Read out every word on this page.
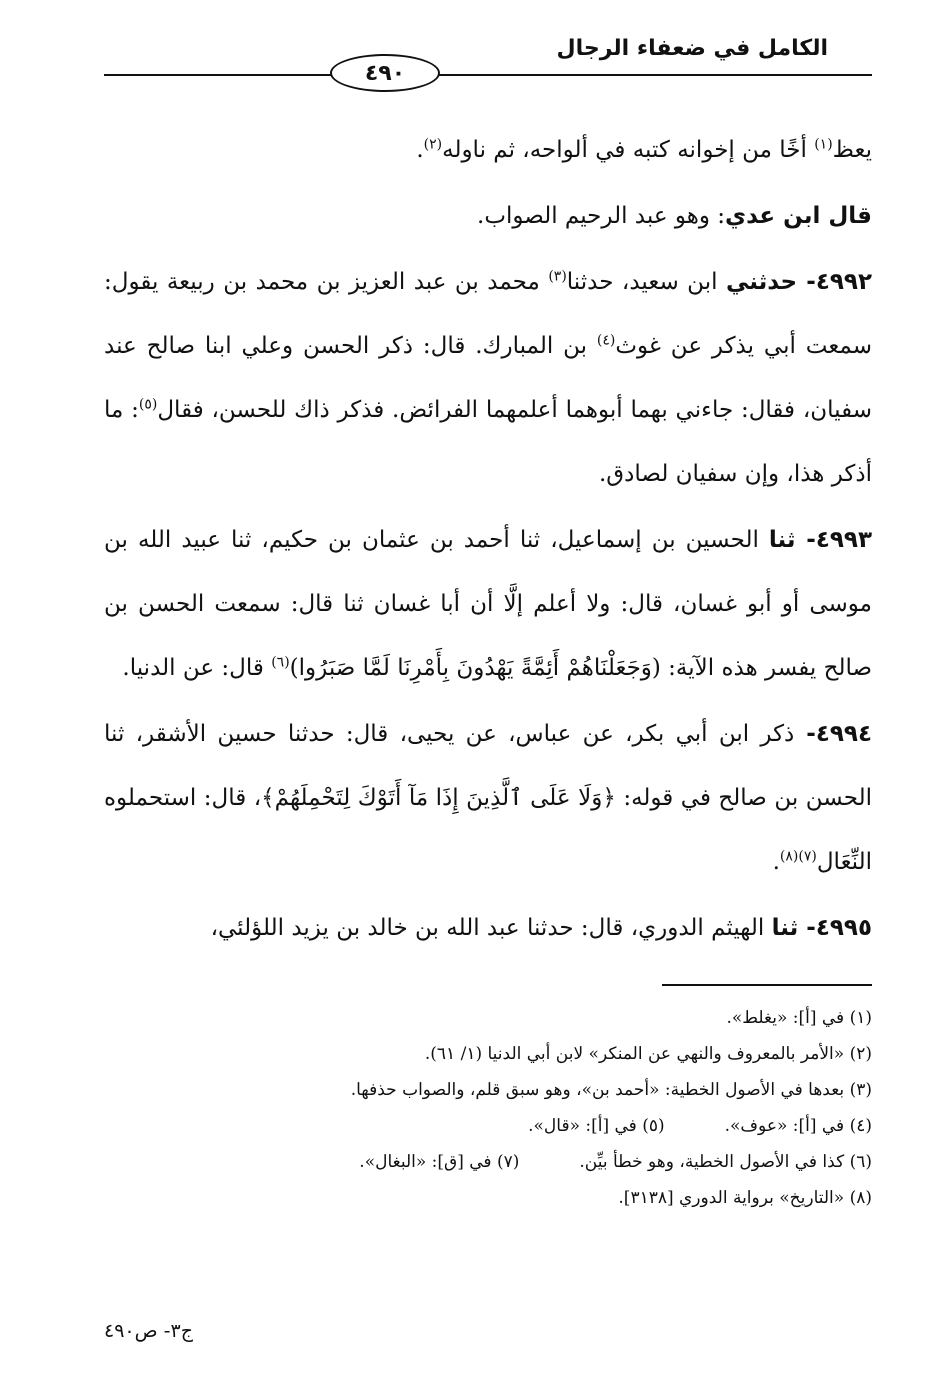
الكامل في ضعفاء الرجال
٤٩٠

يعظ$^{(١)}$ أخًا من إخوانه كتبه في ألواحه، ثم ناوله$^{(٢)}$.

قال ابن عدي: وهو عبد الرحيم الصواب.

٤٩٩٢- حدثني ابن سعيد، حدثنا$^{(٣)}$ محمد بن عبد العزيز بن محمد بن ربيعة يقول: سمعت أبي يذكر عن غوث$^{(٤)}$ بن المبارك. قال: ذكر الحسن وعلي ابنا صالح عند سفيان، فقال: جاءني بهما أبوهما أعلمهما الفرائض. فذكر ذاك للحسن، فقال$^{(٥)}$: ما أذكر هذا، وإن سفيان لصادق.

٤٩٩٣- ثنا الحسين بن إسماعيل، ثنا أحمد بن عثمان بن حكيم، ثنا عبيد الله بن موسى أو أبو غسان، قال: ولا أعلم إلَّا أن أبا غسان ثنا قال: سمعت الحسن بن صالح يفسر هذه الآية: (وَجَعَلْنَاهُمْ أَئِمَّةً يَهْدُونَ بِأَمْرِنَا لَمَّا صَبَرُوا)$^{(٦)}$ قال: عن الدنيا.

٤٩٩٤- ذكر ابن أبي بكر، عن عباس، عن يحيى، قال: حدثنا حسين الأشقر، ثنا الحسن بن صالح في قوله: ﴿وَلَا عَلَى ٱلَّذِينَ إِذَا مَآ أَتَوْكَ لِتَحْمِلَهُمْ﴾، قال: استحملوه النِّعَال$^{(٧)(٨)}$.

٤٩٩٥- ثنا الهيثم الدوري، قال: حدثنا عبد الله بن خالد بن يزيد اللؤلئي،

(١) في [أ]: «يغلط».
(٢) «الأمر بالمعروف والنهي عن المنكر» لابن أبي الدنيا (١/ ٦١).
(٣) بعدها في الأصول الخطية: «أحمد بن»، وهو سبق قلم، والصواب حذفها.
(٤) في [أ]: «عوف».
(٥) في [أ]: «قال».
(٦) كذا في الأصول الخطية، وهو خطأ بيِّن.
(٧) في [ق]: «البغال».
(٨) «التاريخ» برواية الدوري [٣١٣٨].
ج٣- ص٤٩٠
